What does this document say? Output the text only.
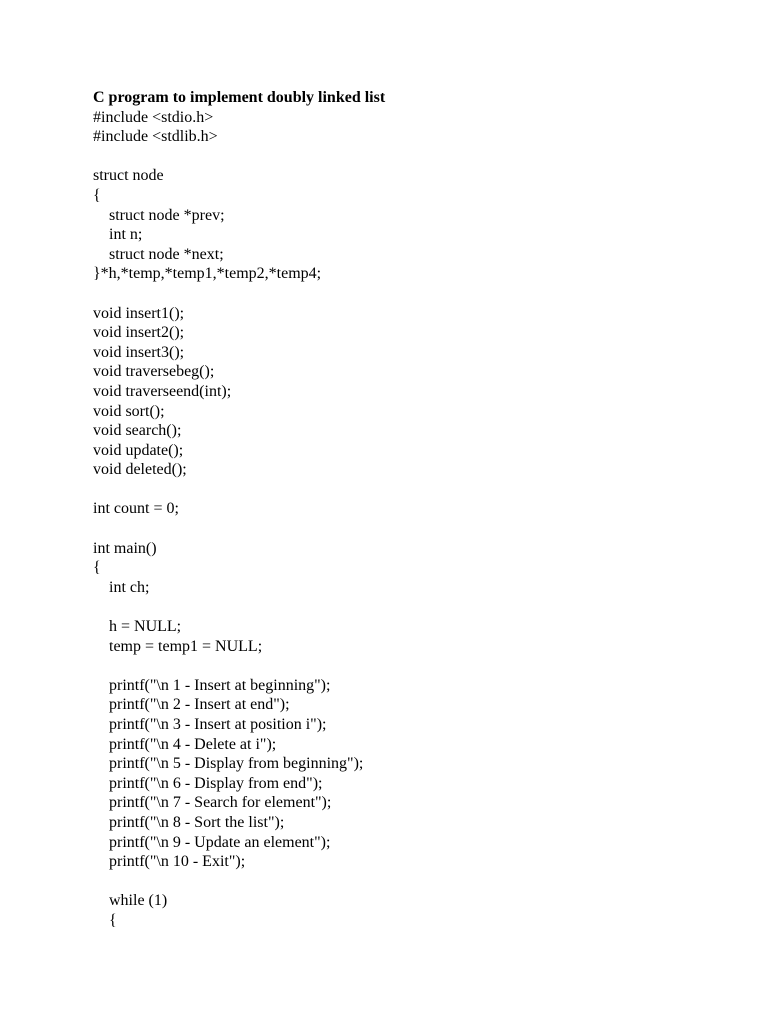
C program to implement doubly linked list
#include <stdio.h>
#include <stdlib.h>
struct node
{
struct node *prev;
int n;
struct node *next;
}*h,*temp,*temp1,*temp2,*temp4;
void insert1();
void insert2();
void insert3();
void traversebeg();
void traverseend(int);
void sort();
void search();
void update();
void deleted();
int count = 0;
int main()
{
int ch;
h = NULL;
temp = temp1 = NULL;
printf("\n 1 - Insert at beginning");
printf("\n 2 - Insert at end");
printf("\n 3 - Insert at position i");
printf("\n 4 - Delete at i");
printf("\n 5 - Display from beginning");
printf("\n 6 - Display from end");
printf("\n 7 - Search for element");
printf("\n 8 - Sort the list");
printf("\n 9 - Update an element");
printf("\n 10 - Exit");
while (1)
{
